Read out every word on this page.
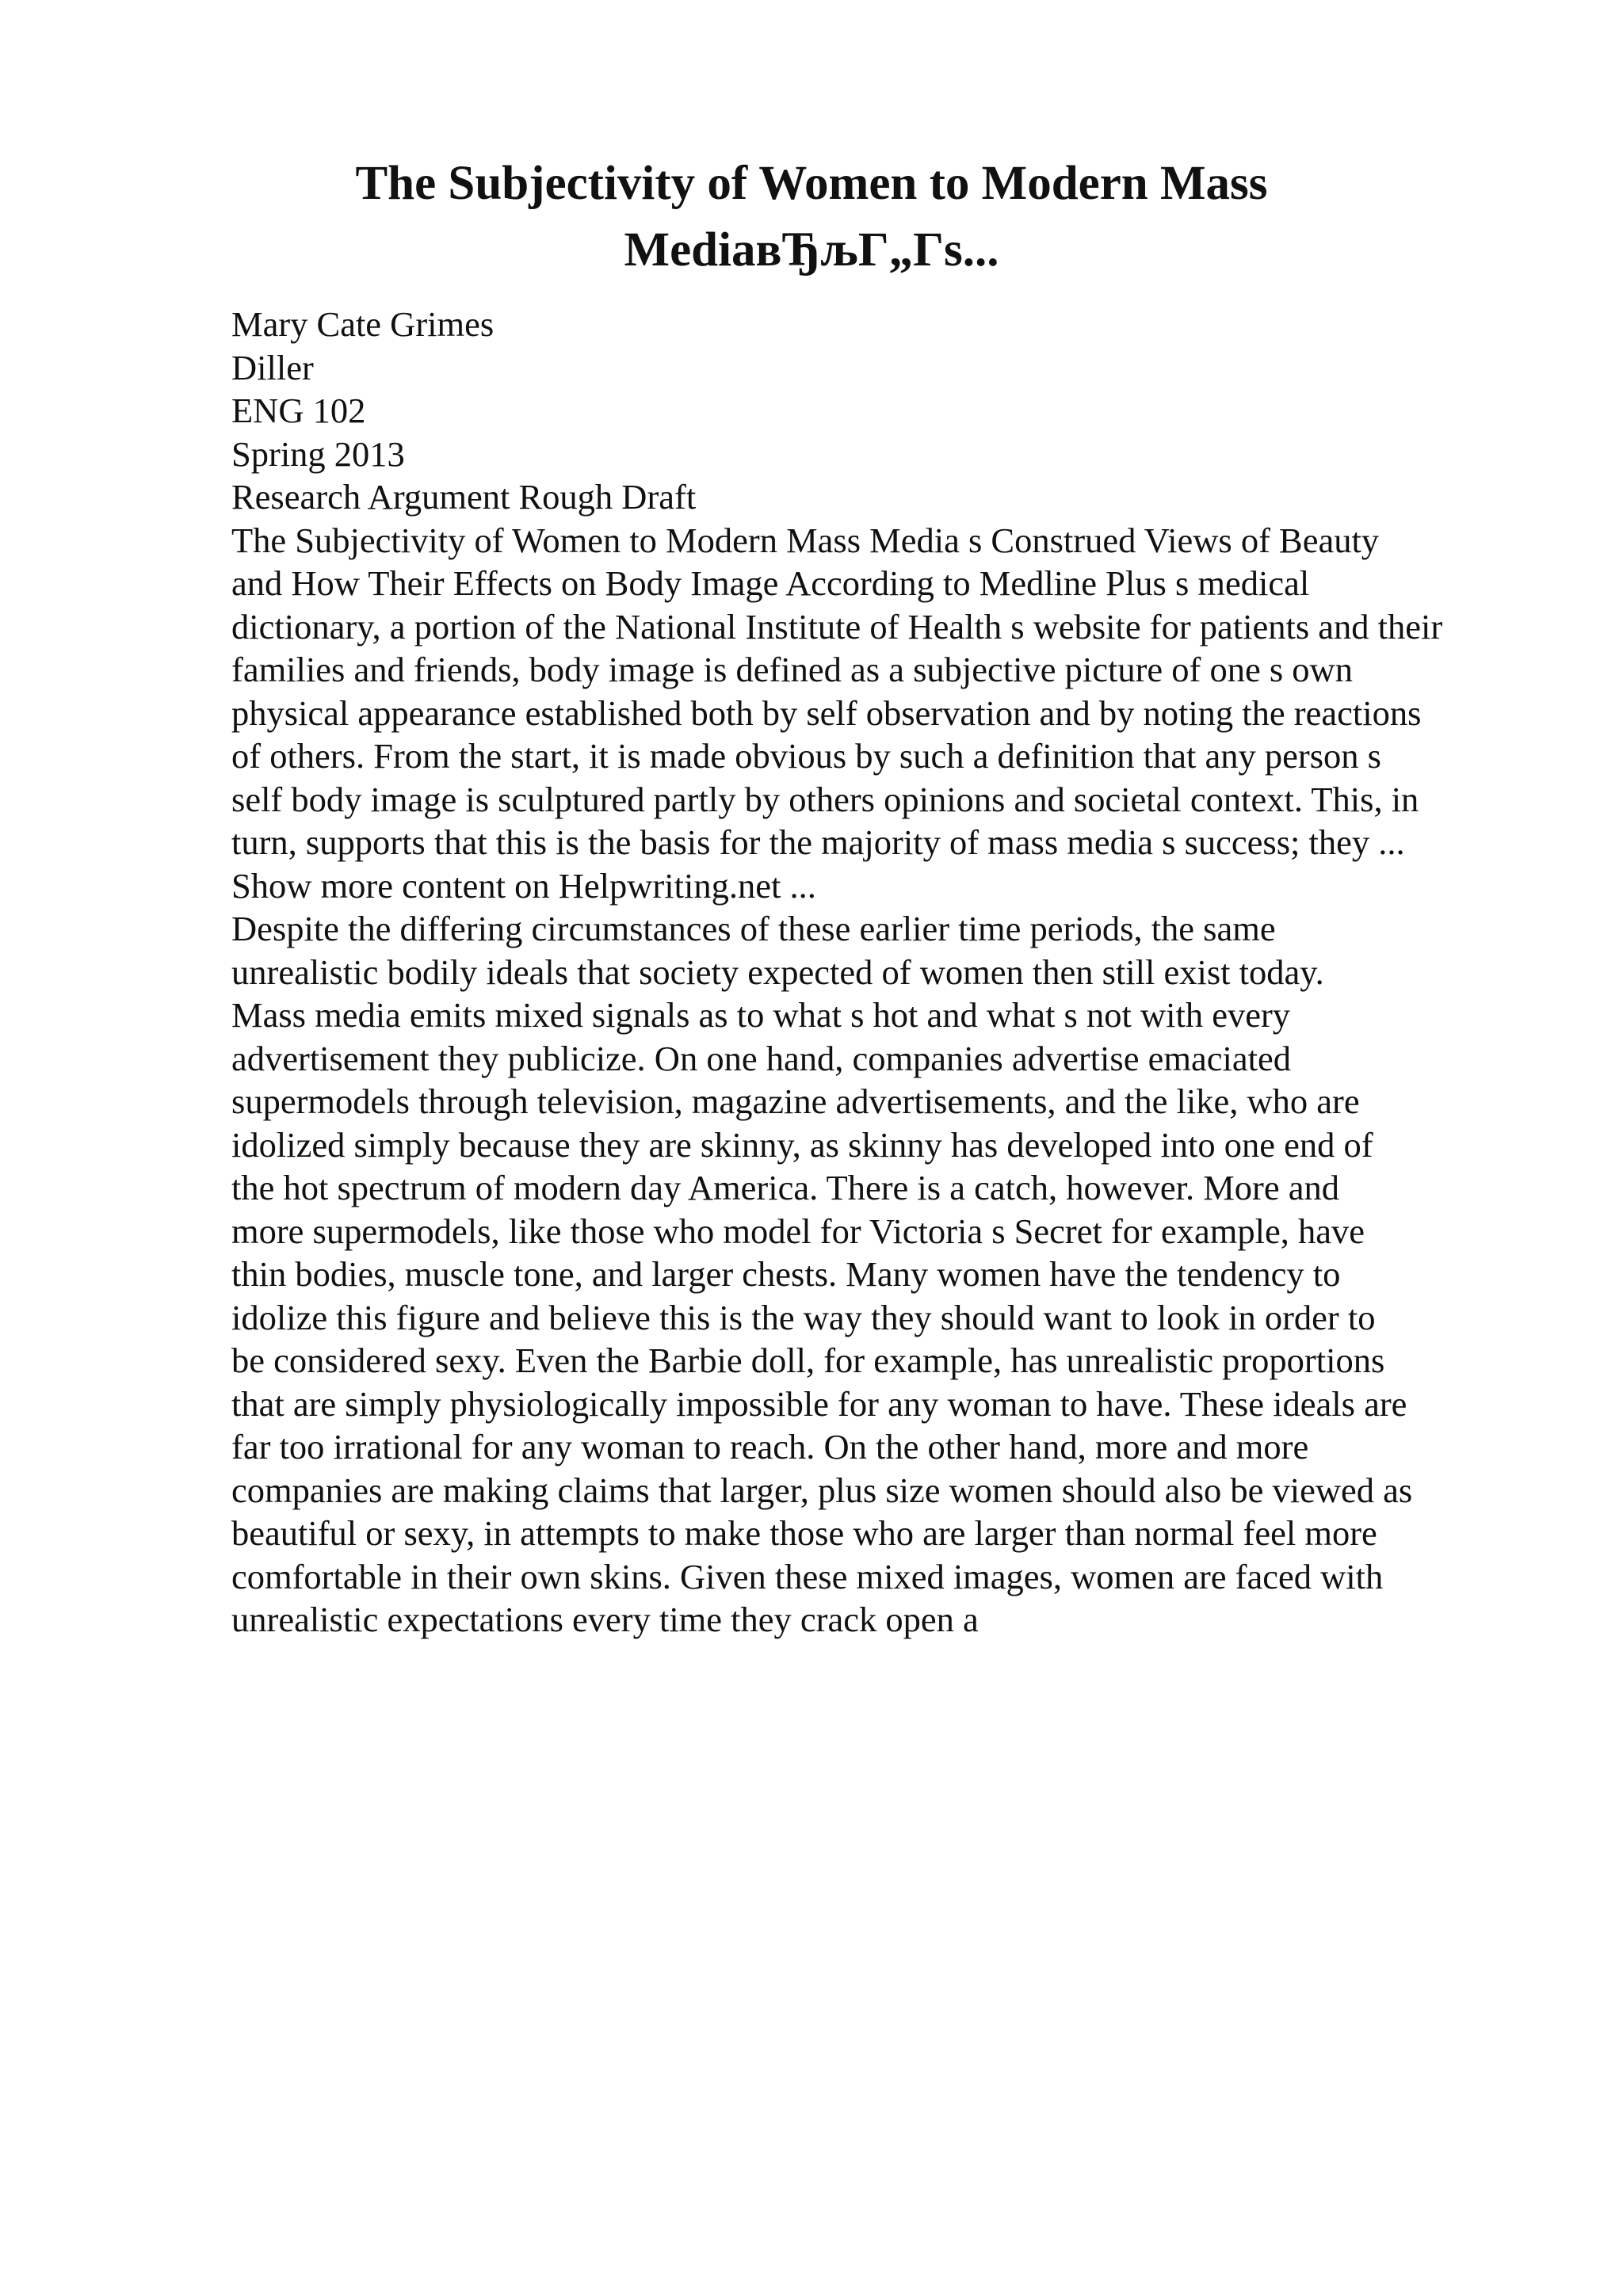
The Subjectivity of Women to Modern Mass
MediaвЂљГ„Гѕ...
Mary Cate Grimes
Diller
ENG 102
Spring 2013
Research Argument Rough Draft
The Subjectivity of Women to Modern Mass Media s Construed Views of Beauty
and How Their Effects on Body Image According to Medline Plus s medical
dictionary, a portion of the National Institute of Health s website for patients and their
families and friends, body image is defined as a subjective picture of one s own
physical appearance established both by self observation and by noting the reactions
of others. From the start, it is made obvious by such a definition that any person s
self body image is sculptured partly by others opinions and societal context. This, in
turn, supports that this is the basis for the majority of mass media s success; they ...
Show more content on Helpwriting.net ...
Despite the differing circumstances of these earlier time periods, the same
unrealistic bodily ideals that society expected of women then still exist today.
Mass media emits mixed signals as to what s hot and what s not with every
advertisement they publicize. On one hand, companies advertise emaciated
supermodels through television, magazine advertisements, and the like, who are
idolized simply because they are skinny, as skinny has developed into one end of
the hot spectrum of modern day America. There is a catch, however. More and
more supermodels, like those who model for Victoria s Secret for example, have
thin bodies, muscle tone, and larger chests. Many women have the tendency to
idolize this figure and believe this is the way they should want to look in order to
be considered sexy. Even the Barbie doll, for example, has unrealistic proportions
that are simply physiologically impossible for any woman to have. These ideals are
far too irrational for any woman to reach. On the other hand, more and more
companies are making claims that larger, plus size women should also be viewed as
beautiful or sexy, in attempts to make those who are larger than normal feel more
comfortable in their own skins. Given these mixed images, women are faced with
unrealistic expectations every time they crack open a
